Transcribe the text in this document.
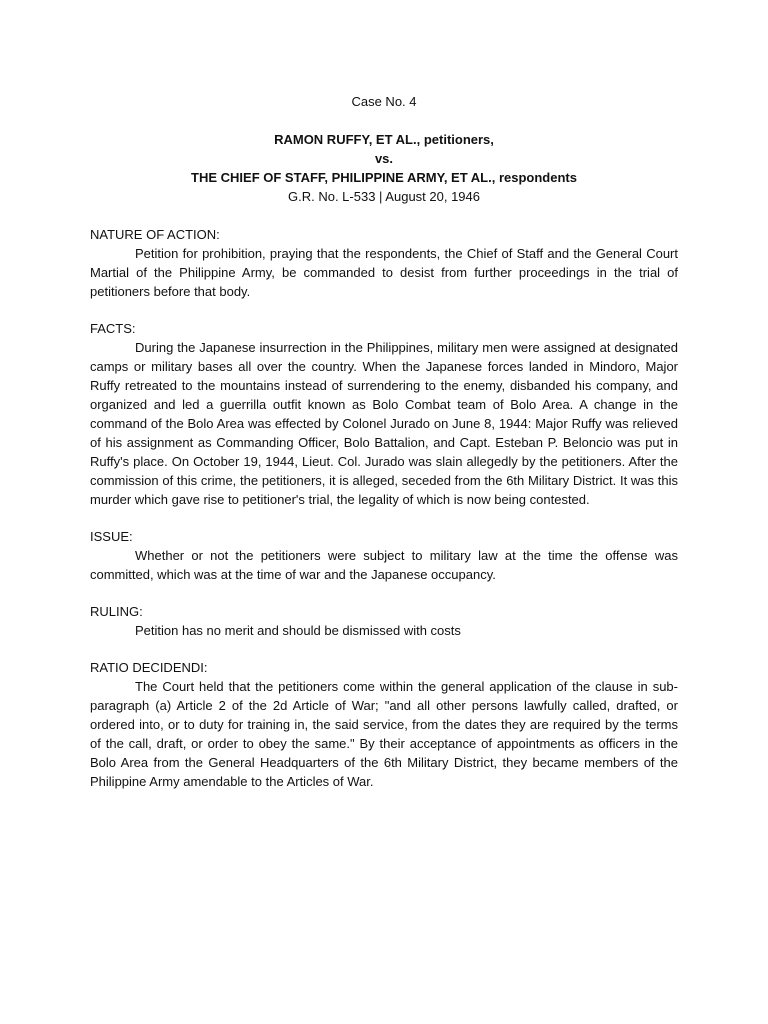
Case No. 4
RAMON RUFFY, ET AL., petitioners,
vs.
THE CHIEF OF STAFF, PHILIPPINE ARMY, ET AL., respondents
G.R. No. L-533 | August 20, 1946
NATURE OF ACTION:

Petition for prohibition, praying that the respondents, the Chief of Staff and the General Court Martial of the Philippine Army, be commanded to desist from further proceedings in the trial of petitioners before that body.

FACTS:

During the Japanese insurrection in the Philippines, military men were assigned at designated camps or military bases all over the country. When the Japanese forces landed in Mindoro, Major Ruffy retreated to the mountains instead of surrendering to the enemy, disbanded his company, and organized and led a guerrilla outfit known as Bolo Combat team of Bolo Area. A change in the command of the Bolo Area was effected by Colonel Jurado on June 8, 1944: Major Ruffy was relieved of his assignment as Commanding Officer, Bolo Battalion, and Capt. Esteban P. Beloncio was put in Ruffy's place. On October 19, 1944, Lieut. Col. Jurado was slain allegedly by the petitioners. After the commission of this crime, the petitioners, it is alleged, seceded from the 6th Military District. It was this murder which gave rise to petitioner's trial, the legality of which is now being contested.

ISSUE:

Whether or not the petitioners were subject to military law at the time the offense was committed, which was at the time of war and the Japanese occupancy.

RULING:

Petition has no merit and should be dismissed with costs

RATIO DECIDENDI:

The Court held that the petitioners come within the general application of the clause in sub-paragraph (a) Article 2 of the 2d Article of War; "and all other persons lawfully called, drafted, or ordered into, or to duty for training in, the said service, from the dates they are required by the terms of the call, draft, or order to obey the same." By their acceptance of appointments as officers in the Bolo Area from the General Headquarters of the 6th Military District, they became members of the Philippine Army amendable to the Articles of War.
